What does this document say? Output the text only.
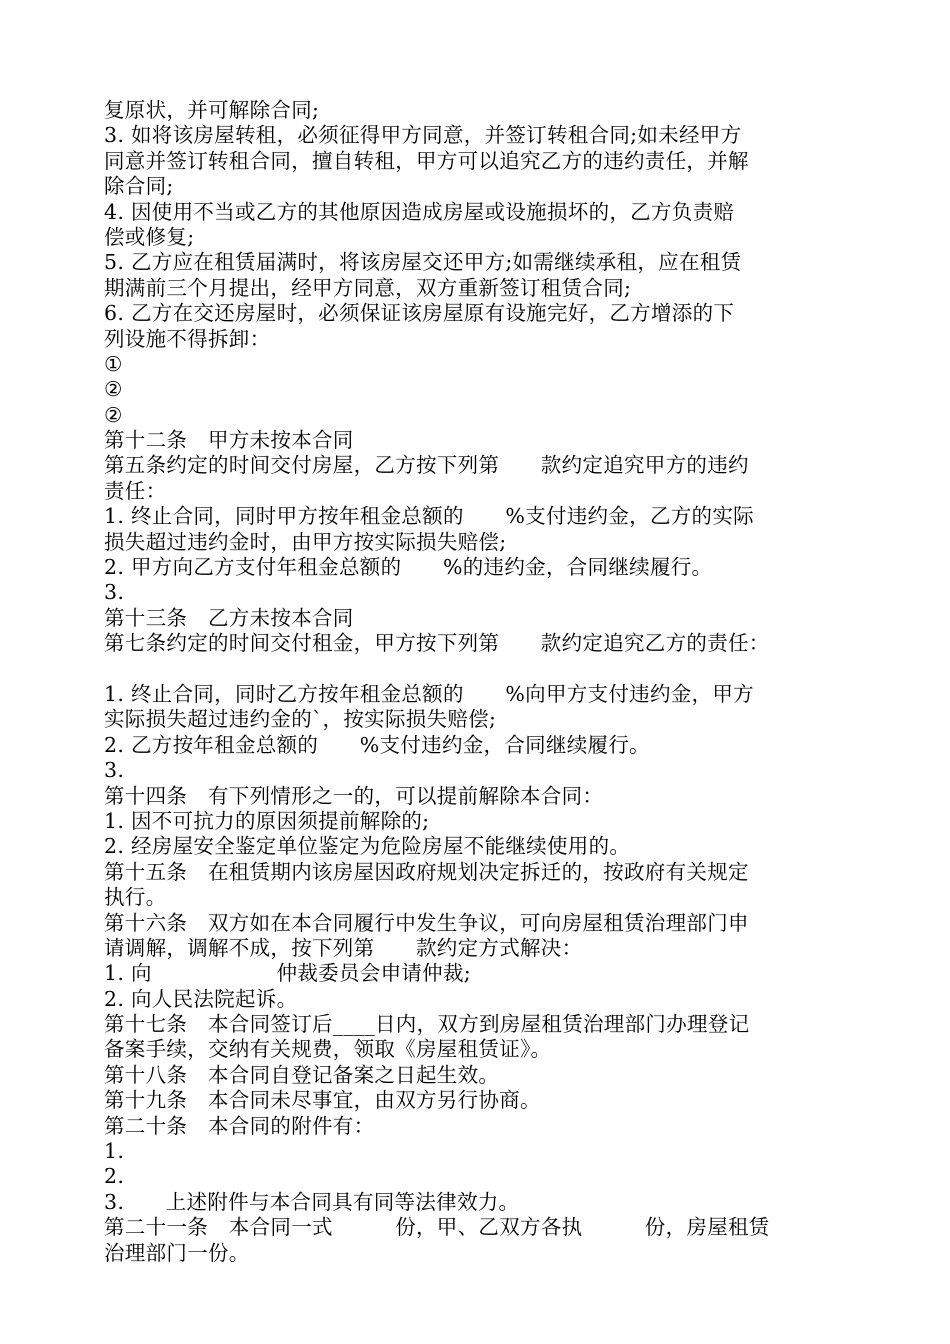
复原状，并可解除合同;
3. 如将该房屋转租，必须征得甲方同意，并签订转租合同;如未经甲方
同意并签订转租合同，擅自转租，甲方可以追究乙方的违约责任，并解
除合同;
4. 因使用不当或乙方的其他原因造成房屋或设施损坏的，乙方负责赔
偿或修复;
5. 乙方应在租赁届满时，将该房屋交还甲方;如需继续承租，应在租赁
期满前三个月提出，经甲方同意，双方重新签订租赁合同;
6. 乙方在交还房屋时，必须保证该房屋原有设施完好，乙方增添的下
列设施不得拆卸：
①
②
②
第十二条　甲方未按本合同
第五条约定的时间交付房屋，乙方按下列第　　款约定追究甲方的违约
责任：
1. 终止合同，同时甲方按年租金总额的　　%支付违约金，乙方的实际
损失超过违约金时，由甲方按实际损失赔偿;
2. 甲方向乙方支付年租金总额的　　%的违约金，合同继续履行。
3.
第十三条　乙方未按本合同
第七条约定的时间交付租金，甲方按下列第　　款约定追究乙方的责任：
1. 终止合同，同时乙方按年租金总额的　　%向甲方支付违约金，甲方
实际损失超过违约金的`，按实际损失赔偿;
2. 乙方按年租金总额的　　%支付违约金，合同继续履行。
3.
第十四条　有下列情形之一的，可以提前解除本合同：
1. 因不可抗力的原因须提前解除的;
2. 经房屋安全鉴定单位鉴定为危险房屋不能继续使用的。
第十五条　在租赁期内该房屋因政府规划决定拆迁的，按政府有关规定
执行。
第十六条　双方如在本合同履行中发生争议，可向房屋租赁治理部门申
请调解，调解不成，按下列第　　款约定方式解决：
1. 向　　　　　　仲裁委员会申请仲裁;
2. 向人民法院起诉。
第十七条　本合同签订后____日内，双方到房屋租赁治理部门办理登记
备案手续，交纳有关规费，领取《房屋租赁证》。
第十八条　本合同自登记备案之日起生效。
第十九条　本合同未尽事宜，由双方另行协商。
第二十条　本合同的附件有：
1.
2.
3.　　上述附件与本合同具有同等法律效力。
第二十一条　本合同一式　　　份，甲、乙双方各执　　　份，房屋租赁
治理部门一份。
